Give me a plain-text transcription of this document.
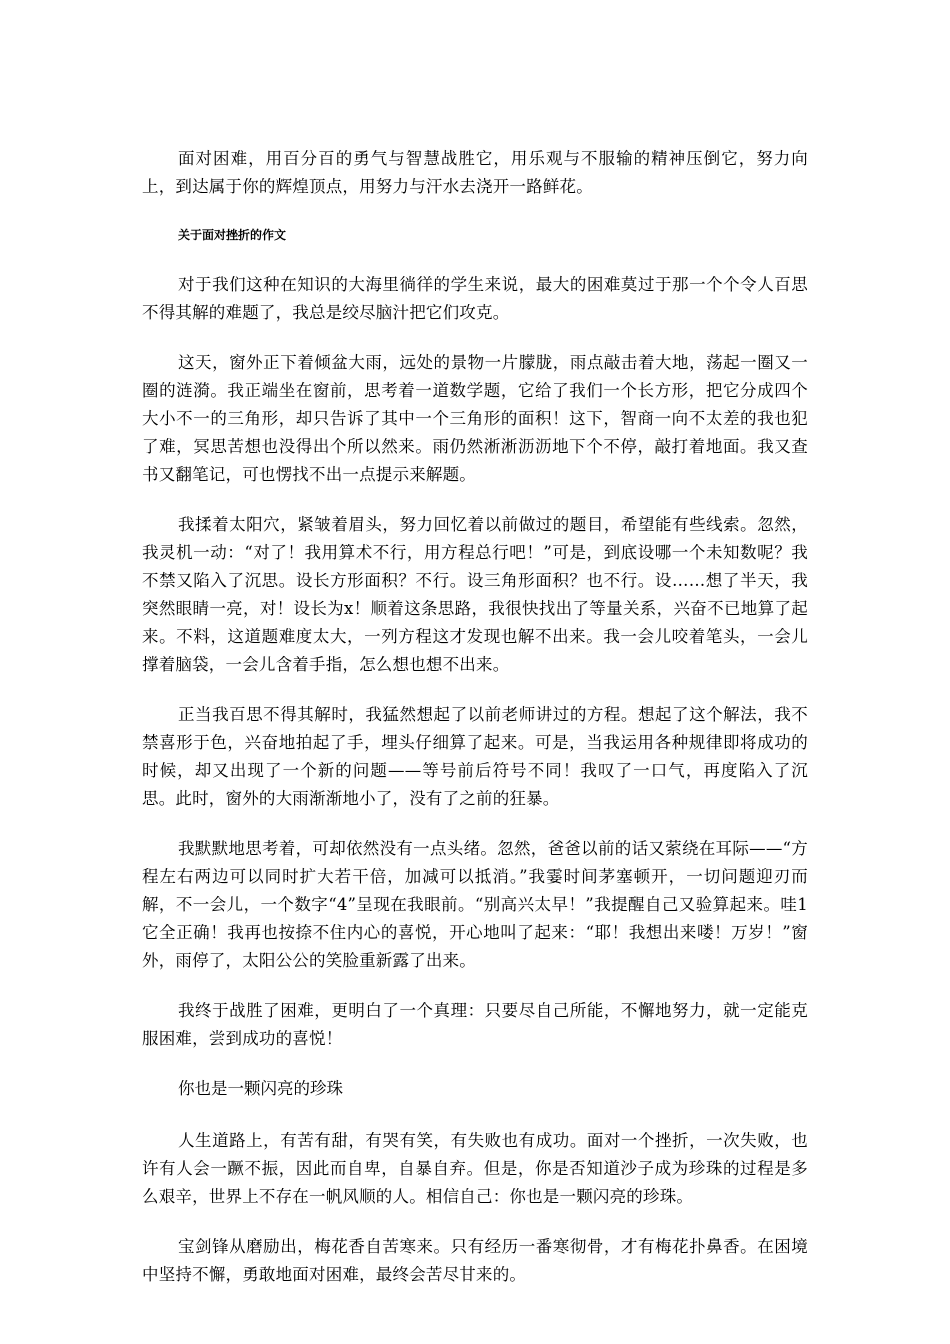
面对困难，用百分百的勇气与智慧战胜它，用乐观与不服输的精神压倒它，努力向上，到达属于你的辉煌顶点，用努力与汗水去浇开一路鲜花。

关于面对挫折的作文

对于我们这种在知识的大海里徜徉的学生来说，最大的困难莫过于那一个个令人百思不得其解的难题了，我总是绞尽脑汁把它们攻克。

这天，窗外正下着倾盆大雨，远处的景物一片朦胧，雨点敲击着大地，荡起一圈又一圈的涟漪。我正端坐在窗前，思考着一道数学题，它给了我们一个长方形，把它分成四个大小不一的三角形，却只告诉了其中一个三角形的面积！这下，智商一向不太差的我也犯了难，冥思苦想也没得出个所以然来。雨仍然淅淅沥沥地下个不停，敲打着地面。我又查书又翻笔记，可也愣找不出一点提示来解题。

我揉着太阳穴，紧皱着眉头，努力回忆着以前做过的题目，希望能有些线索。忽然，我灵机一动：“对了！我用算术不行，用方程总行吧！”可是，到底设哪一个未知数呢？我不禁又陷入了沉思。设长方形面积？不行。设三角形面积？也不行。设……想了半天，我突然眼睛一亮，对！设长为x！顺着这条思路，我很快找出了等量关系，兴奋不已地算了起来。不料，这道题难度太大，一列方程这才发现也解不出来。我一会儿咬着笔头，一会儿撑着脑袋，一会儿含着手指，怎么想也想不出来。

正当我百思不得其解时，我猛然想起了以前老师讲过的方程。想起了这个解法，我不禁喜形于色，兴奋地拍起了手，埋头仔细算了起来。可是，当我运用各种规律即将成功的时候，却又出现了一个新的问题——等号前后符号不同！我叹了一口气，再度陷入了沉思。此时，窗外的大雨渐渐地小了，没有了之前的狂暴。

我默默地思考着，可却依然没有一点头绪。忽然，爸爸以前的话又萦绕在耳际——“方程左右两边可以同时扩大若干倍，加减可以抵消。”我霎时间茅塞顿开，一切问题迎刃而解，不一会儿，一个数字“4”呈现在我眼前。“别高兴太早！”我提醒自己又验算起来。哇1它全正确！我再也按捺不住内心的喜悦，开心地叫了起来：“耶！我想出来喽！万岁！”窗外，雨停了，太阳公公的笑脸重新露了出来。

我终于战胜了困难，更明白了一个真理：只要尽自己所能，不懈地努力，就一定能克服困难，尝到成功的喜悦！

你也是一颗闪亮的珍珠

人生道路上，有苦有甜，有哭有笑，有失败也有成功。面对一个挫折，一次失败，也许有人会一蹶不振，因此而自卑，自暴自弃。但是，你是否知道沙子成为珍珠的过程是多么艰辛，世界上不存在一帆风顺的人。相信自己：你也是一颗闪亮的珍珠。

宝剑锋从磨励出，梅花香自苦寒来。只有经历一番寒彻骨，才有梅花扑鼻香。在困境中坚持不懈，勇敢地面对困难，最终会苦尽甘来的。
